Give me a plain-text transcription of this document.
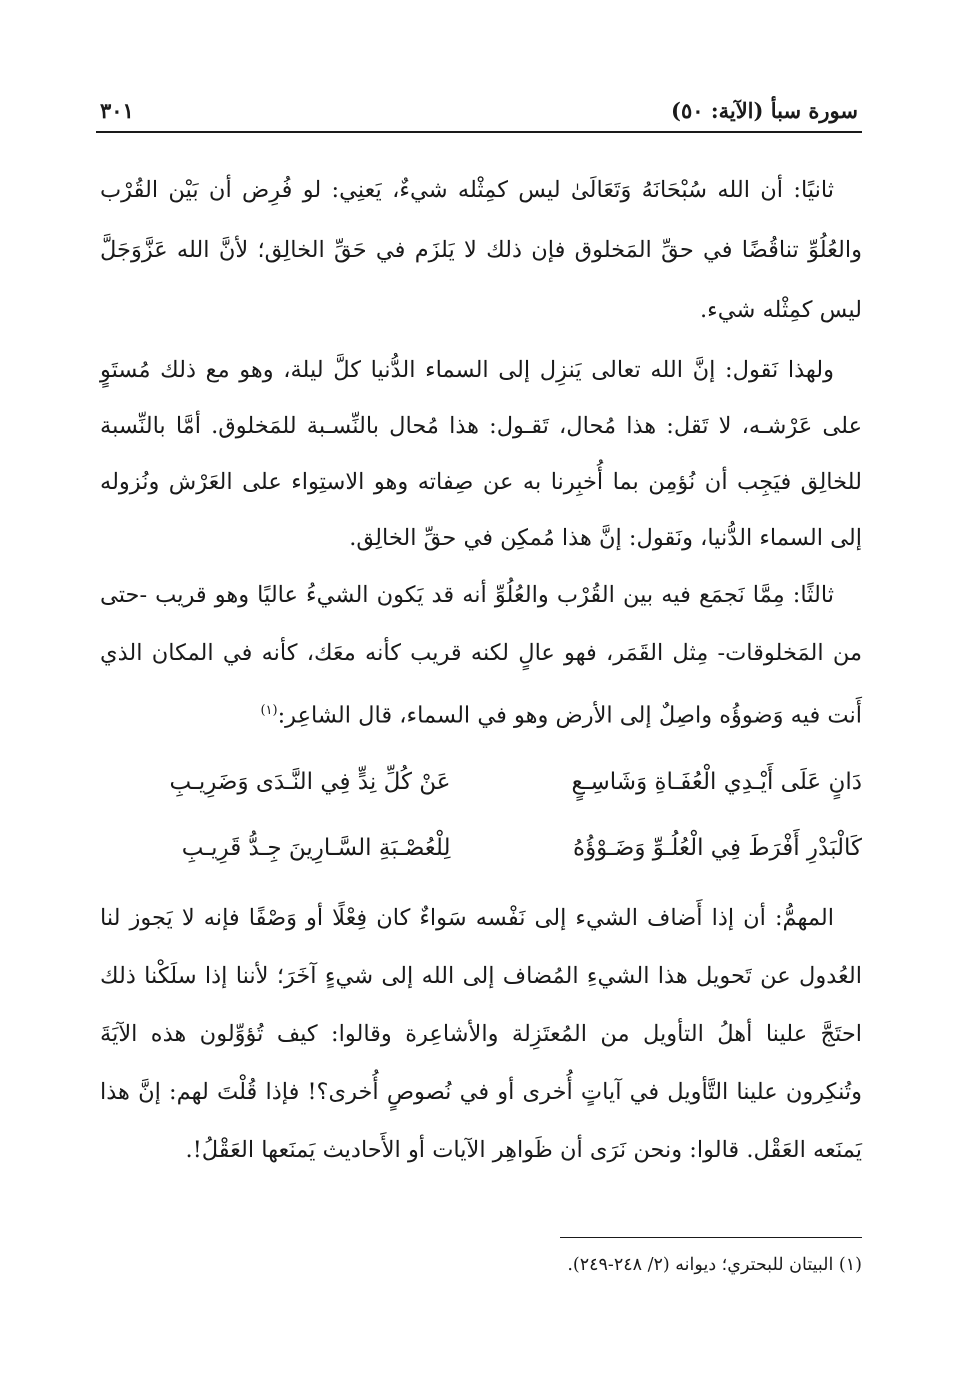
سورة سبأ (الآية: ٥٠)
٣٠١

ثانيًا: أن الله سُبْحَانَهُ وَتَعَالَىٰ ليس كمِثْله شيءٌ، يَعنِي: لو فُرِض أن بَيْن القُرْب والعُلُوِّ تناقُضًا في حقِّ المَخلوق فإن ذلك لا يَلزَم في حَقِّ الخالِق؛ لأنَّ الله عَزَّوَجَلَّ ليس كمِثْله شيء.

ولهذا نَقول: إنَّ الله تعالى يَنزِل إلى السماء الدُّنيا كلَّ ليلة، وهو مع ذلك مُستَوٍ على عَرْشـه، لا تَقل: هذا مُحال، تَقـول: هذا مُحال بالنِّسـبة للمَخلوق. أمَّا بالنِّسبة للخالِق فيَجِب أن نُؤمِن بما أُخبِرنا به عن صِفاته وهو الاستِواء على العَرْش ونُزوله إلى السماء الدُّنيا، ونَقول: إنَّ هذا مُمكِن في حقِّ الخالِق.

ثالثًا: مِمَّا نَجمَع فيه بين القُرْب والعُلُوِّ أنه قد يَكون الشيءُ عاليًا وهو قريب -حتى من المَخلوقات- مِثل القَمَر، فهو عالٍ لكنه قريب كأنه معَك، كأنه في المكان الذي أَنت فيه وَضوؤُه واصِلٌ إلى الأرض وهو في السماء، قال الشاعِر:$^{(١)}$

دَانٍ عَلَى أَيْـدِي الْعُفَـاةِ وَشَاسِـعٍ
عَنْ كُلِّ نِدٍّ فِي النَّـدَى وَضَرِيـبِ
كَالْبَدْرِ أَفْرَطَ فِي الْعُلُـوِّ وَضَـوْؤُهُ
لِلْعُصْـبَةِ السَّـارِينَ جِـدُّ قَرِيـبِ

المهمُّ: أن إذا أَضاف الشيء إلى نَفْسه سَواءٌ كان فِعْلًا أو وَصْفًا فإنه لا يَجوز لنا العُدول عن تَحويل هذا الشيءِ المُضاف إلى الله إلى شيءٍ آخَرَ؛ لأننا إذا سلَكْنا ذلك احتَجَّ علينا أهلُ التأويل من المُعتَزِلة والأشاعِرة وقالوا: كيف تُؤوِّلون هذه الآيَةَ وتُنكِرون علينا التَّأويل في آياتٍ أُخرى أو في نُصوصٍ أُخرى؟! فإذا قُلْتَ لهم: إنَّ هذا يَمنَعه العَقْل. قالوا: ونحن نَرَى أن ظَواهِر الآيات أو الأَحاديث يَمنَعها العَقْلُ!.

(١) البيتان للبحتري؛ ديوانه (٢/ ٢٤٨-٢٤٩).
